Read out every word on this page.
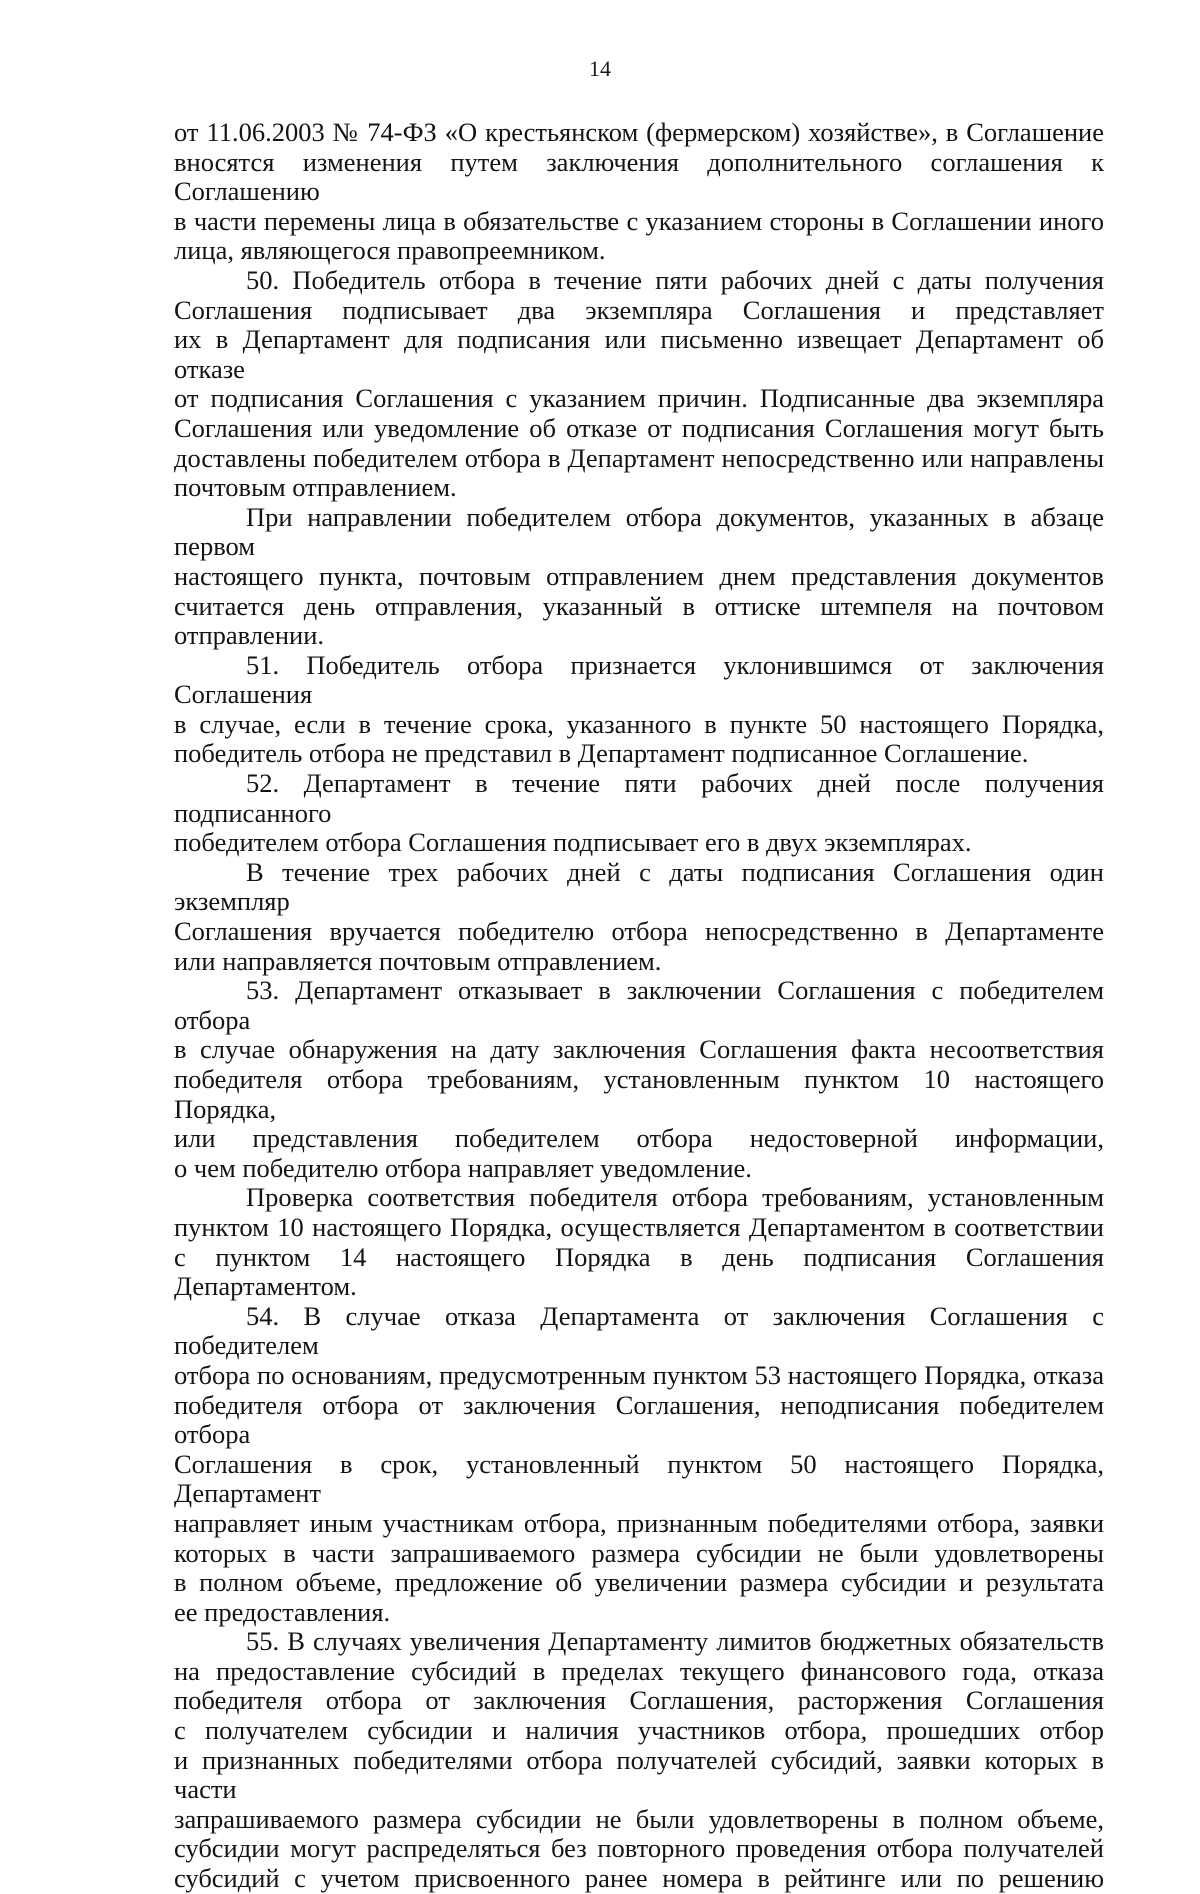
14

от 11.06.2003 № 74-ФЗ «О крестьянском (фермерском) хозяйстве», в Соглашение

вносятся изменения путем заключения дополнительного соглашения к Соглашению

в части перемены лица в обязательстве с указанием стороны в Соглашении иного

лица, являющегося правопреемником.

50. Победитель отбора в течение пяти рабочих дней с даты получения

Соглашения подписывает два экземпляра Соглашения и представляет

их в Департамент для подписания или письменно извещает Департамент об отказе

от подписания Соглашения с указанием причин. Подписанные два экземпляра

Соглашения или уведомление об отказе от подписания Соглашения могут быть

доставлены победителем отбора в Департамент непосредственно или направлены

почтовым отправлением.

При направлении победителем отбора документов, указанных в абзаце первом

настоящего пункта, почтовым отправлением днем представления документов

считается день отправления, указанный в оттиске штемпеля на почтовом

отправлении.

51. Победитель отбора признается уклонившимся от заключения Соглашения

в случае, если в течение срока, указанного в пункте 50 настоящего Порядка,

победитель отбора не представил в Департамент подписанное Соглашение.

52. Департамент в течение пяти рабочих дней после получения подписанного

победителем отбора Соглашения подписывает его в двух экземплярах.

В течение трех рабочих дней с даты подписания Соглашения один экземпляр

Соглашения вручается победителю отбора непосредственно в Департаменте

или направляется почтовым отправлением.

53. Департамент отказывает в заключении Соглашения с победителем отбора

в случае обнаружения на дату заключения Соглашения факта несоответствия

победителя отбора требованиям, установленным пунктом 10 настоящего Порядка,

или представления победителем отбора недостоверной информации,

о чем победителю отбора направляет уведомление.

Проверка соответствия победителя отбора требованиям, установленным

пунктом 10 настоящего Порядка, осуществляется Департаментом в соответствии

с пунктом 14 настоящего Порядка в день подписания Соглашения Департаментом.

54. В случае отказа Департамента от заключения Соглашения с победителем

отбора по основаниям, предусмотренным пунктом 53 настоящего Порядка, отказа

победителя отбора от заключения Соглашения, неподписания победителем отбора

Соглашения в срок, установленный пунктом 50 настоящего Порядка, Департамент

направляет иным участникам отбора, признанным победителями отбора, заявки

которых в части запрашиваемого размера субсидии не были удовлетворены

в полном объеме, предложение об увеличении размера субсидии и результата

ее предоставления.

55. В случаях увеличения Департаменту лимитов бюджетных обязательств

на предоставление субсидий в пределах текущего финансового года, отказа

победителя отбора от заключения Соглашения, расторжения Соглашения

с получателем субсидии и наличия участников отбора, прошедших отбор

и признанных победителями отбора получателей субсидий, заявки которых в части

запрашиваемого размера субсидии не были удовлетворены в полном объеме,

субсидии могут распределяться без повторного проведения отбора получателей

субсидий с учетом присвоенного ранее номера в рейтинге или по решению
